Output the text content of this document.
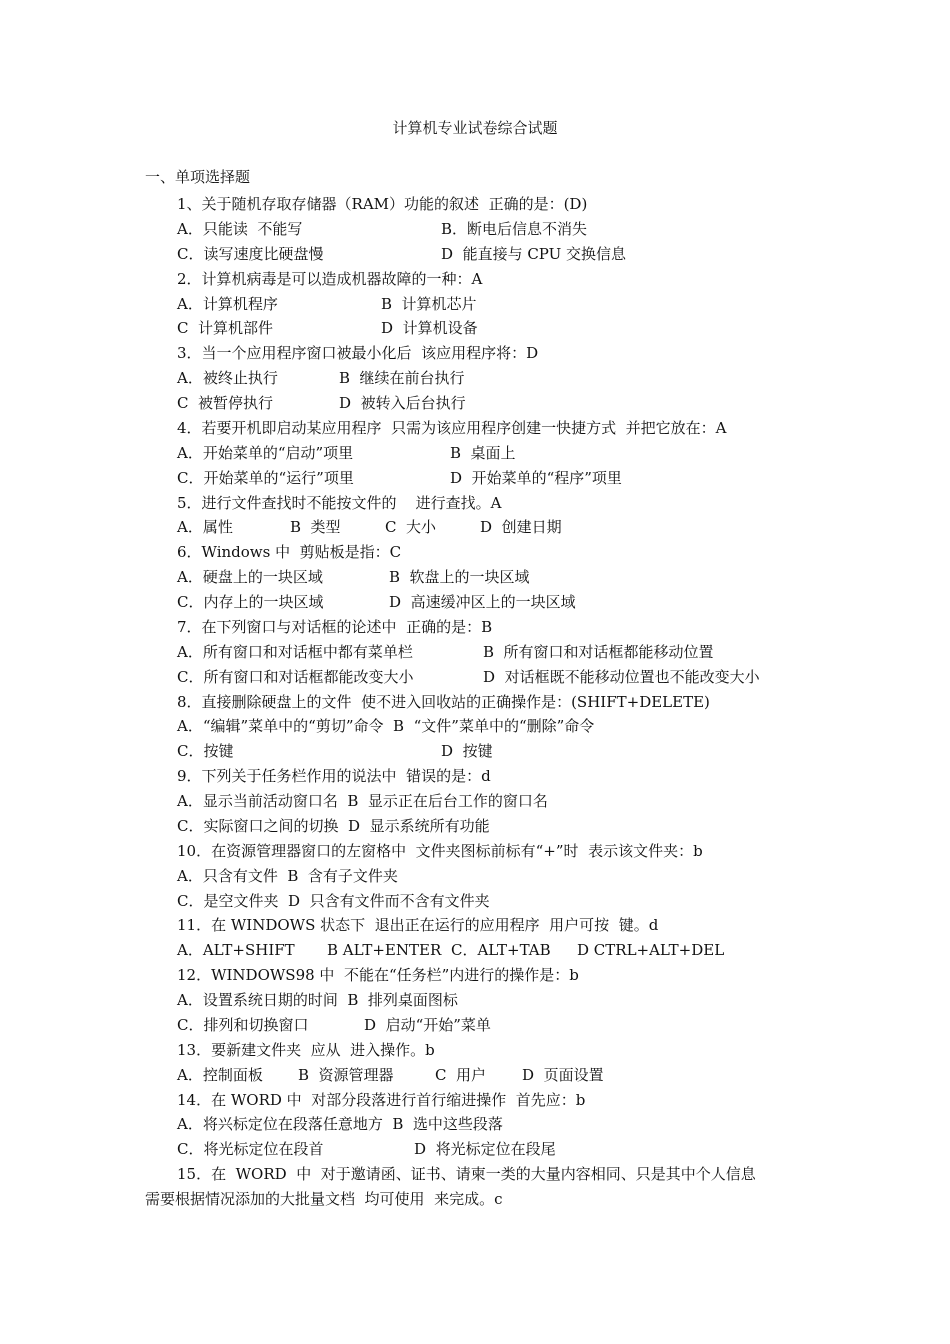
计算机专业试卷综合试题
一、单项选择题
1、关于随机存取存储器（RAM）功能的叙述  正确的是：(D)

A．只能读  不能写

	B．断电后信息不消失

C．读写速度比硬盘慢

	D  能直接与 CPU 交换信息

2．计算机病毒是可以造成机器故障的一种：A

A．计算机程序

	B  计算机芯片

C  计算机部件

	D  计算机设备

3．当一个应用程序窗口被最小化后  该应用程序将：D

A．被终止执行

	B  继续在前台执行

C  被暂停执行

	D  被转入后台执行

4．若要开机即启动某应用程序  只需为该应用程序创建一快捷方式  并把它放在：A

A．开始菜单的“启动”项里

	B  桌面上

C．开始菜单的“运行”项里

	D  开始菜单的“程序”项里

5．进行文件查找时不能按文件的    进行查找。A

A．属性

	B  类型

	C  大小

	D  创建日期

6．Windows 中  剪贴板是指：C

A．硬盘上的一块区域

	B  软盘上的一块区域

C．内存上的一块区域

	D  高速缓冲区上的一块区域

7．在下列窗口与对话框的论述中  正确的是：B

A．所有窗口和对话框中都有菜单栏

	B  所有窗口和对话框都能移动位置

C．所有窗口和对话框都能改变大小

	D  对话框既不能移动位置也不能改变大小

8．直接删除硬盘上的文件  使不进入回收站的正确操作是：(SHIFT+DELETE)

A．“编辑”菜单中的“剪切”命令  B  “文件”菜单中的“删除”命令

C．按键

	D  按键

9．下列关于任务栏作用的说法中  错误的是：d

A．显示当前活动窗口名  B  显示正在后台工作的窗口名

C．实际窗口之间的切换  D  显示系统所有功能

10．在资源管理器窗口的左窗格中  文件夹图标前标有“+”时  表示该文件夹：b

A．只含有文件  B  含有子文件夹

C．是空文件夹  D  只含有文件而不含有文件夹

11．在 WINDOWS 状态下  退出正在运行的应用程序  用户可按  键。d

A．ALT+SHIFT

B ALT+ENTER

C．ALT+TAB

D CTRL+ALT+DEL

12．WINDOWS98 中  不能在“任务栏”内进行的操作是：b

A．设置系统日期的时间  B  排列桌面图标

C．排列和切换窗口

	D  启动“开始”菜单

13．要新建文件夹  应从  进入操作。b

A．控制面板

B  资源管理器

	C  用户

D  页面设置

14．在 WORD 中  对部分段落进行首行缩进操作  首先应：b

A．将兴标定位在段落任意地方  B  选中这些段落

C．将光标定位在段首

	D  将光标定位在段尾

15．在  WORD  中  对于邀请函、证书、请柬一类的大量内容相同、只是其中个人信息
需要根据情况添加的大批量文档  均可使用  来完成。c
